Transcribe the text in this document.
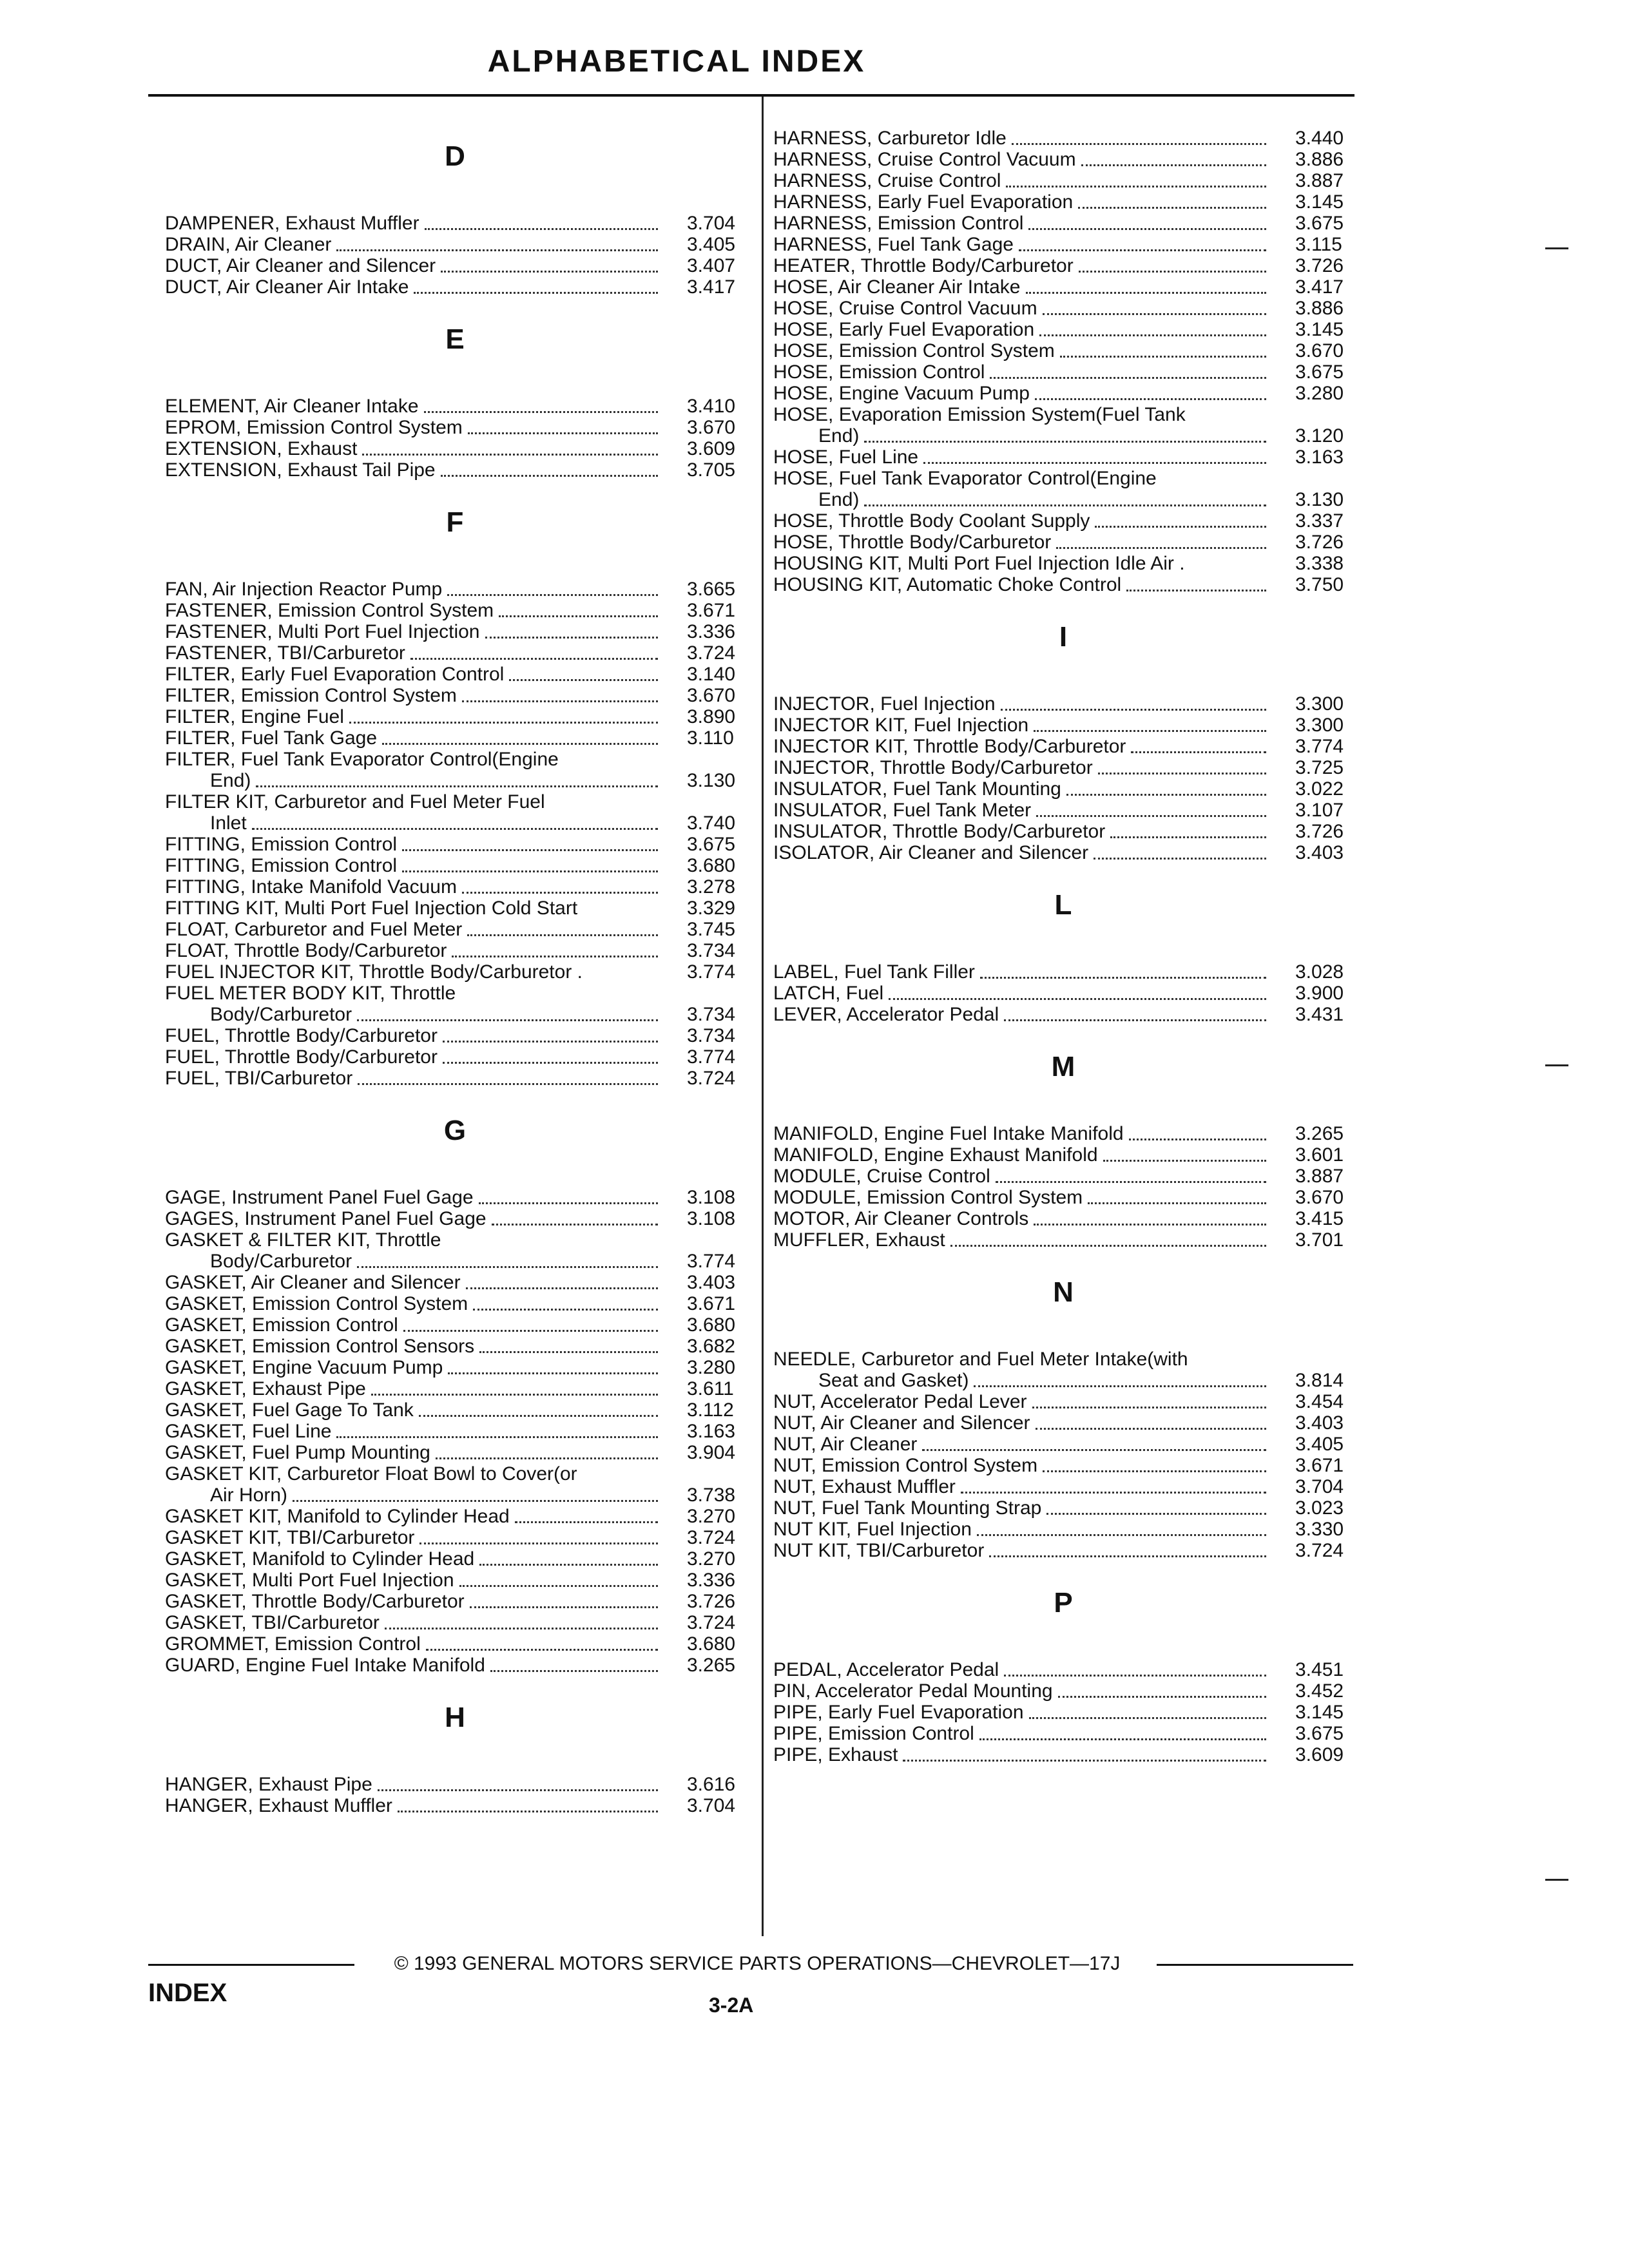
ALPHABETICAL INDEX
D
DAMPENER, Exhaust Muffler	3.704
DRAIN, Air Cleaner	3.405
DUCT, Air Cleaner and Silencer	3.407
DUCT, Air Cleaner Air Intake	3.417
E
ELEMENT, Air Cleaner Intake	3.410
EPROM, Emission Control System	3.670
EXTENSION, Exhaust	3.609
EXTENSION, Exhaust Tail Pipe	3.705
F
FAN, Air Injection Reactor Pump	3.665
FASTENER, Emission Control System	3.671
FASTENER, Multi Port Fuel Injection	3.336
FASTENER, TBI/Carburetor	3.724
FILTER, Early Fuel Evaporation Control	3.140
FILTER, Emission Control System	3.670
FILTER, Engine Fuel	3.890
FILTER, Fuel Tank Gage	3.110
FILTER, Fuel Tank Evaporator Control(Engine
End)	3.130
FILTER KIT, Carburetor and Fuel Meter Fuel
Inlet	3.740
FITTING, Emission Control	3.675
FITTING, Emission Control	3.680
FITTING, Intake Manifold Vacuum	3.278
FITTING KIT, Multi Port Fuel Injection Cold Start	3.329
FLOAT, Carburetor and Fuel Meter	3.745
FLOAT, Throttle Body/Carburetor	3.734
FUEL INJECTOR KIT, Throttle Body/Carburetor .	3.774
FUEL METER BODY KIT, Throttle
Body/Carburetor	3.734
FUEL, Throttle Body/Carburetor	3.734
FUEL, Throttle Body/Carburetor	3.774
FUEL, TBI/Carburetor	3.724
G
GAGE, Instrument Panel Fuel Gage	3.108
GAGES, Instrument Panel Fuel Gage	3.108
GASKET & FILTER KIT, Throttle
Body/Carburetor	3.774
GASKET, Air Cleaner and Silencer	3.403
GASKET, Emission Control System	3.671
GASKET, Emission Control	3.680
GASKET, Emission Control Sensors	3.682
GASKET, Engine Vacuum Pump	3.280
GASKET, Exhaust Pipe	3.611
GASKET, Fuel Gage To Tank	3.112
GASKET, Fuel Line	3.163
GASKET, Fuel Pump Mounting	3.904
GASKET KIT, Carburetor Float Bowl to Cover(or
Air Horn)	3.738
GASKET KIT, Manifold to Cylinder Head	3.270
GASKET KIT, TBI/Carburetor	3.724
GASKET, Manifold to Cylinder Head	3.270
GASKET, Multi Port Fuel Injection	3.336
GASKET, Throttle Body/Carburetor	3.726
GASKET, TBI/Carburetor	3.724
GROMMET, Emission Control	3.680
GUARD, Engine Fuel Intake Manifold	3.265
H
HANGER, Exhaust Pipe	3.616
HANGER, Exhaust Muffler	3.704
HARNESS, Carburetor Idle	3.440
HARNESS, Cruise Control Vacuum	3.886
HARNESS, Cruise Control	3.887
HARNESS, Early Fuel Evaporation	3.145
HARNESS, Emission Control	3.675
HARNESS, Fuel Tank Gage	3.115
HEATER, Throttle Body/Carburetor	3.726
HOSE, Air Cleaner Air Intake	3.417
HOSE, Cruise Control Vacuum	3.886
HOSE, Early Fuel Evaporation	3.145
HOSE, Emission Control System	3.670
HOSE, Emission Control	3.675
HOSE, Engine Vacuum Pump	3.280
HOSE, Evaporation Emission System(Fuel Tank
End)	3.120
HOSE, Fuel Line	3.163
HOSE, Fuel Tank Evaporator Control(Engine
End)	3.130
HOSE, Throttle Body Coolant Supply	3.337
HOSE, Throttle Body/Carburetor	3.726
HOUSING KIT, Multi Port Fuel Injection Idle Air .	3.338
HOUSING KIT, Automatic Choke Control	3.750
I
INJECTOR, Fuel Injection	3.300
INJECTOR KIT, Fuel Injection	3.300
INJECTOR KIT, Throttle Body/Carburetor	3.774
INJECTOR, Throttle Body/Carburetor	3.725
INSULATOR, Fuel Tank Mounting	3.022
INSULATOR, Fuel Tank Meter	3.107
INSULATOR, Throttle Body/Carburetor	3.726
ISOLATOR, Air Cleaner and Silencer	3.403
L
LABEL, Fuel Tank Filler	3.028
LATCH, Fuel	3.900
LEVER, Accelerator Pedal	3.431
M
MANIFOLD, Engine Fuel Intake Manifold	3.265
MANIFOLD, Engine Exhaust Manifold	3.601
MODULE, Cruise Control	3.887
MODULE, Emission Control System	3.670
MOTOR, Air Cleaner Controls	3.415
MUFFLER, Exhaust	3.701
N
NEEDLE, Carburetor and Fuel Meter Intake(with
Seat and Gasket)	3.814
NUT, Accelerator Pedal Lever	3.454
NUT, Air Cleaner and Silencer	3.403
NUT, Air Cleaner	3.405
NUT, Emission Control System	3.671
NUT, Exhaust Muffler	3.704
NUT, Fuel Tank Mounting Strap	3.023
NUT KIT, Fuel Injection	3.330
NUT KIT, TBI/Carburetor	3.724
P
PEDAL, Accelerator Pedal	3.451
PIN, Accelerator Pedal Mounting	3.452
PIPE, Early Fuel Evaporation	3.145
PIPE, Emission Control	3.675
PIPE, Exhaust	3.609
© 1993 GENERAL MOTORS SERVICE PARTS OPERATIONS—CHEVROLET—17J
INDEX	3-2A
